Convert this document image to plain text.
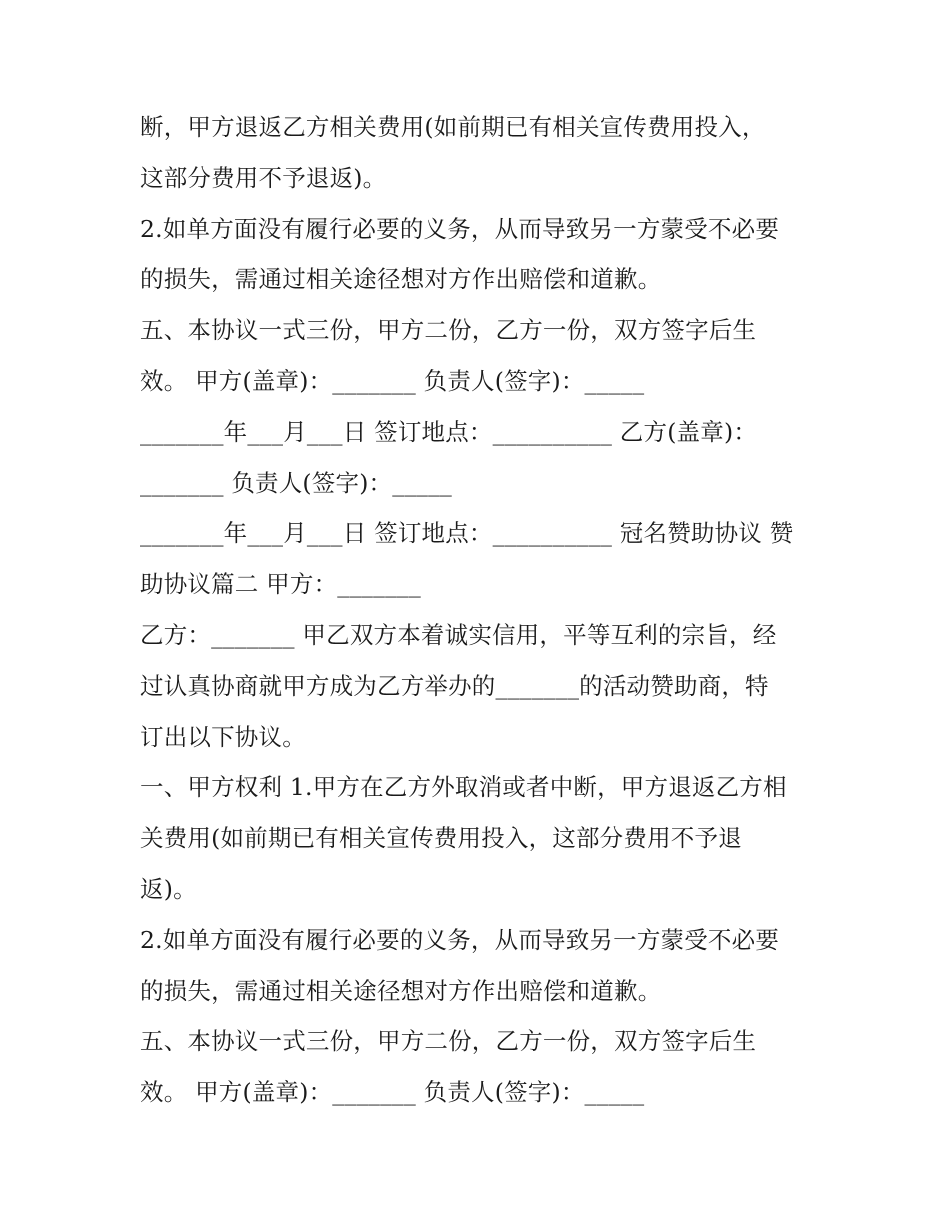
断，甲方退返乙方相关费用(如前期已有相关宣传费用投入，
这部分费用不予退返)。
2.如单方面没有履行必要的义务，从而导致另一方蒙受不必要
的损失，需通过相关途径想对方作出赔偿和道歉。
五、本协议一式三份，甲方二份，乙方一份，双方签字后生
效。 甲方(盖章)：_______ 负责人(签字)：_____
_______年___月___日 签订地点：__________ 乙方(盖章)：
_______ 负责人(签字)：_____
_______年___月___日 签订地点：__________ 冠名赞助协议 赞
助协议篇二 甲方：_______
乙方：_______ 甲乙双方本着诚实信用，平等互利的宗旨，经
过认真协商就甲方成为乙方举办的_______的活动赞助商，特
订出以下协议。
一、甲方权利 1.甲方在乙方外取消或者中断，甲方退返乙方相
关费用(如前期已有相关宣传费用投入，这部分费用不予退
返)。
2.如单方面没有履行必要的义务，从而导致另一方蒙受不必要
的损失，需通过相关途径想对方作出赔偿和道歉。
五、本协议一式三份，甲方二份，乙方一份，双方签字后生
效。 甲方(盖章)：_______ 负责人(签字)：_____
